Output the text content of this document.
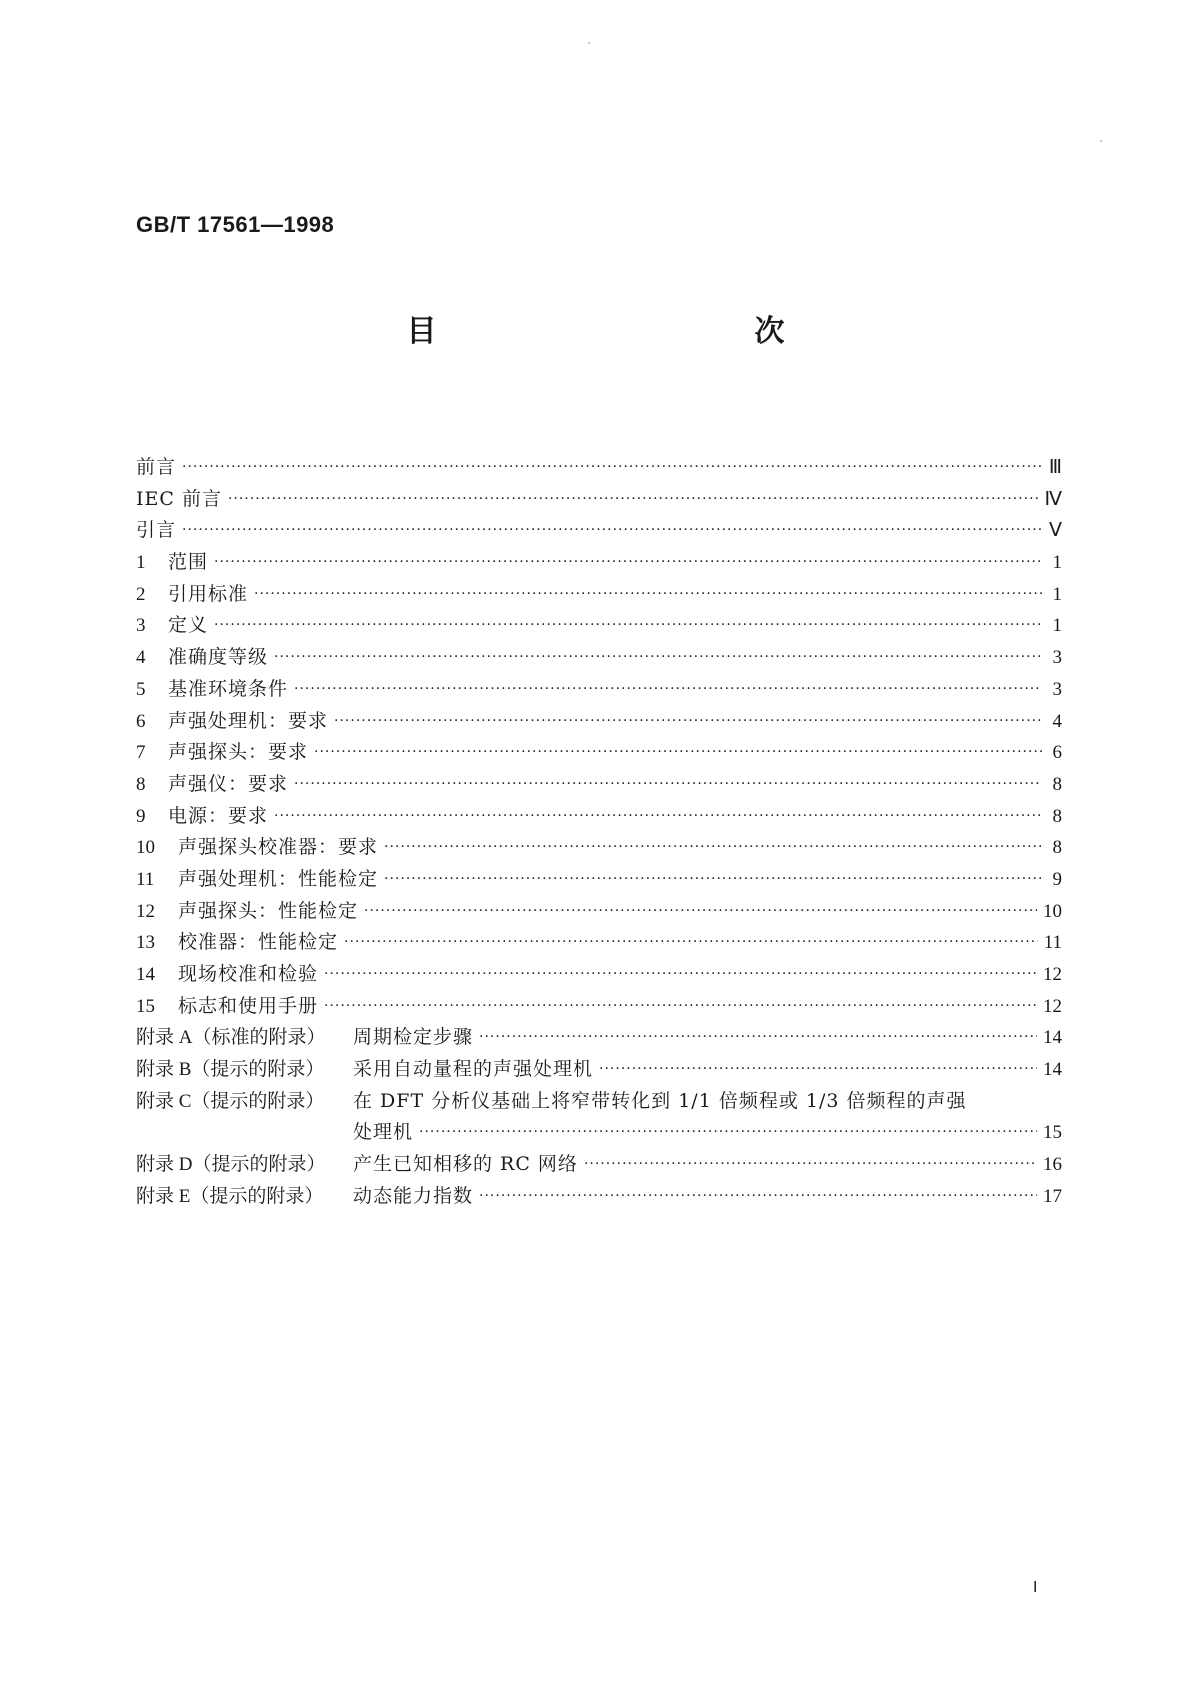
GB/T 17561—1998
目　　次
前言 ·····	Ⅲ
IEC 前言 ·····	Ⅳ
引言 ·····	Ⅴ
1	范围 ·····	1
2	引用标准 ·····	1
3	定义 ·····	1
4	准确度等级 ·····	3
5	基准环境条件 ·····	3
6	声强处理机：要求 ·····	4
7	声强探头：要求 ·····	6
8	声强仪：要求 ·····	8
9	电源：要求 ·····	8
10	声强探头校准器：要求 ·····	8
11	声强处理机：性能检定 ·····	9
12	声强探头：性能检定 ·····	10
13	校准器：性能检定 ·····	11
14	现场校准和检验 ·····	12
15	标志和使用手册 ·····	12
附录 A（标准的附录）	周期检定步骤 ·····	14
附录 B（提示的附录）	采用自动量程的声强处理机 ·····	14
附录 C（提示的附录）	在 DFT 分析仪基础上将窄带转化到 1/1 倍频程或 1/3 倍频程的声强
处理机 ·····	15
附录 D（提示的附录）	产生已知相移的 RC 网络 ·····	16
附录 E（提示的附录）	动态能力指数 ·····	17
Ⅰ
